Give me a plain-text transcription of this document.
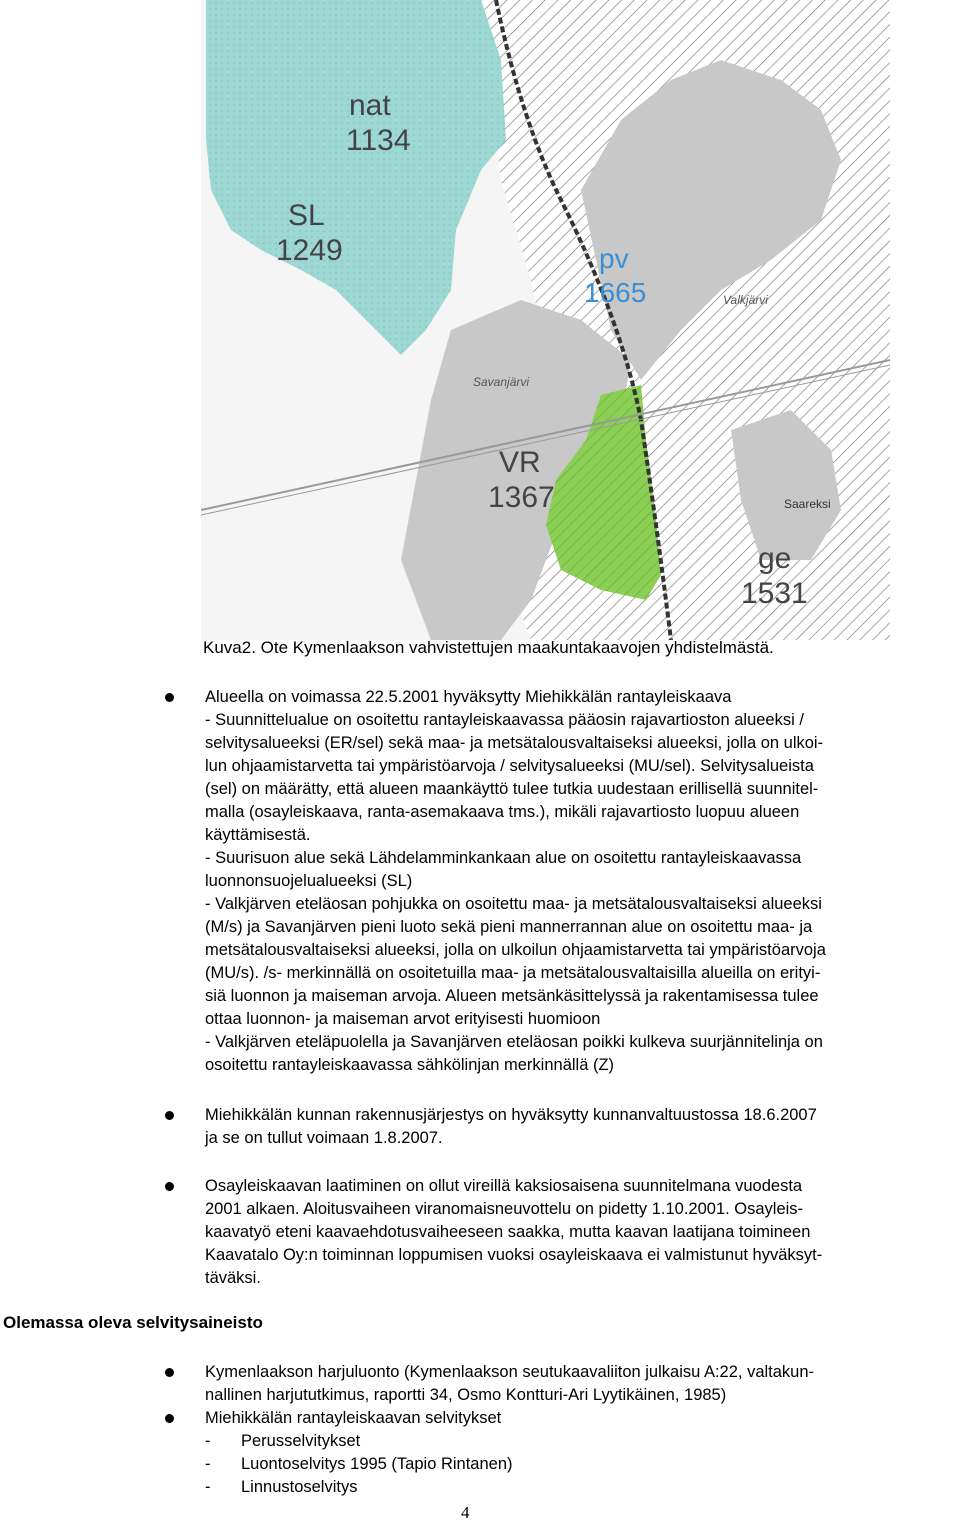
nat
1134
SL
1249	pv
1665
VR
1367
ge
1531
Valkjärvi
Savanjärvi
Saareksi
Kuva2. Ote Kymenlaakson vahvistettujen maakuntakaavojen yhdistelmästä.

Alueella on voimassa 22.5.2001 hyväksytty Miehikkälän rantayleiskaava

- Suunnittelualue on osoitettu rantayleiskaavassa pääosin rajavartioston alueeksi /

selvitysalueeksi (ER/sel) sekä maa- ja metsätalousvaltaiseksi alueeksi, jolla on ulkoi-

lun ohjaamistarvetta tai ympäristöarvoja / selvitysalueeksi (MU/sel). Selvitysalueista

(sel) on määrätty, että alueen maankäyttö tulee tutkia uudestaan erillisellä suunnitel-

malla (osayleiskaava, ranta-asemakaava tms.), mikäli rajavartiosto luopuu alueen

käyttämisestä.

- Suurisuon alue sekä Lähdelamminkankaan alue on osoitettu rantayleiskaavassa

luonnonsuojelualueeksi (SL)

- Valkjärven eteläosan pohjukka on osoitettu maa- ja metsätalousvaltaiseksi alueeksi

(M/s) ja Savanjärven pieni luoto sekä pieni mannerrannan alue on osoitettu maa- ja

metsätalousvaltaiseksi alueeksi, jolla on ulkoilun ohjaamistarvetta tai ympäristöarvoja

(MU/s). /s- merkinnällä on osoitetuilla maa- ja metsätalousvaltaisilla alueilla on erityi-

siä luonnon ja maiseman arvoja. Alueen metsänkäsittelyssä ja rakentamisessa tulee

ottaa luonnon- ja maiseman arvot erityisesti huomioon

- Valkjärven eteläpuolella ja Savanjärven eteläosan poikki kulkeva suurjännitelinja on

osoitettu rantayleiskaavassa sähkölinjan merkinnällä (Z)

Miehikkälän kunnan rakennusjärjestys on hyväksytty kunnanvaltuustossa 18.6.2007

ja se on tullut voimaan 1.8.2007.

Osayleiskaavan laatiminen on ollut vireillä kaksiosaisena suunnitelmana vuodesta

2001 alkaen. Aloitusvaiheen viranomaisneuvottelu on pidetty 1.10.2001. Osayleis-

kaavatyö eteni kaavaehdotusvaiheeseen saakka, mutta kaavan laatijana toimineen

Kaavatalo Oy:n toiminnan loppumisen vuoksi osayleiskaava ei valmistunut hyväksyt-

täväksi.

Olemassa oleva selvitysaineisto

Kymenlaakson harjuluonto (Kymenlaakson seutukaavaliiton julkaisu A:22, valtakun-

nallinen harjututkimus, raportti 34, Osmo Kontturi-Ari Lyytikäinen, 1985)

Miehikkälän rantayleiskaavan selvitykset

- Perusselvitykset
- Luontoselvitys 1995 (Tapio Rintanen)
- Linnustoselvitys
4
